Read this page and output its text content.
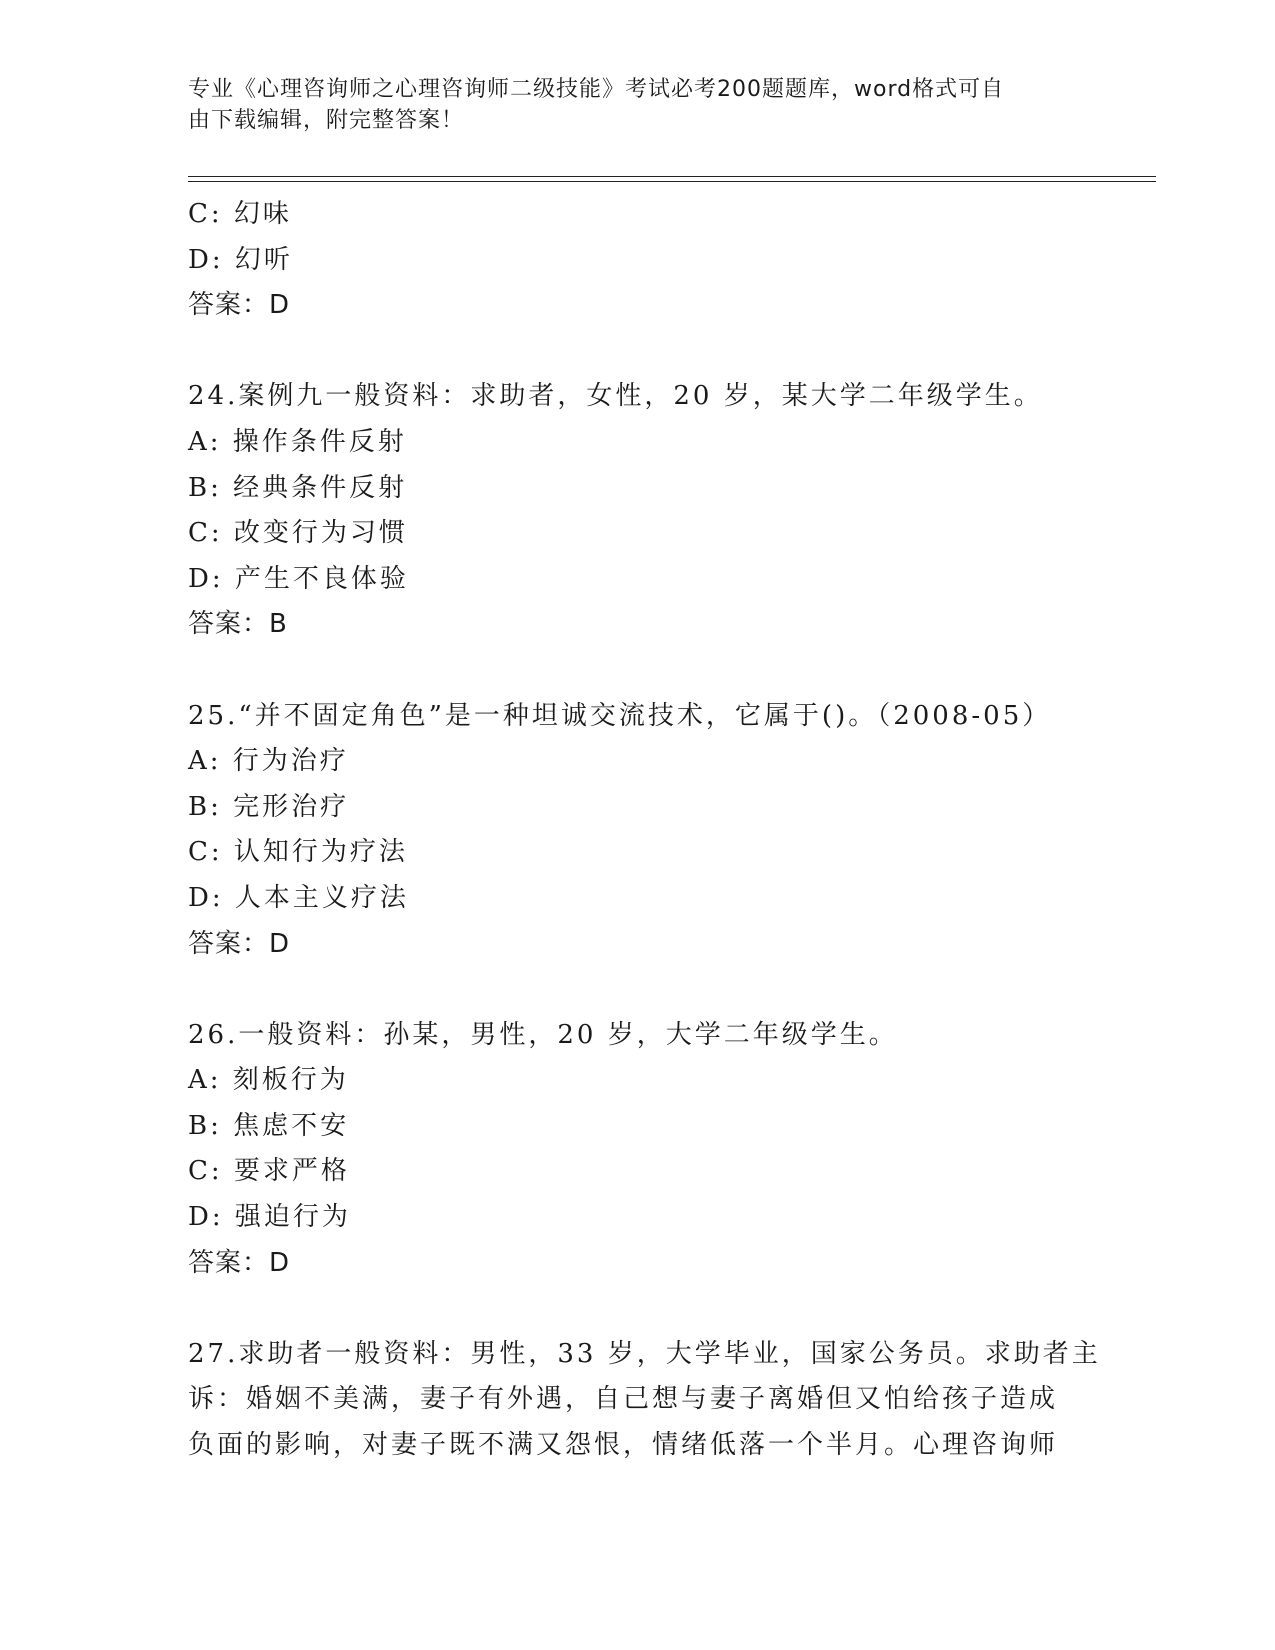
专业《心理咨询师之心理咨询师二级技能》考试必考200题题库，word格式可自
由下载编辑，附完整答案！
C: 幻味
D: 幻听
答案：D
24.案例九一般资料：求助者，女性，20 岁，某大学二年级学生。
A: 操作条件反射
B: 经典条件反射
C: 改变行为习惯
D: 产生不良体验
答案：B
25.“并不固定角色”是一种坦诚交流技术，它属于()。（2008-05）
A: 行为治疗
B: 完形治疗
C: 认知行为疗法
D: 人本主义疗法
答案：D
26.一般资料：孙某，男性，20 岁，大学二年级学生。
A: 刻板行为
B: 焦虑不安
C: 要求严格
D: 强迫行为
答案：D
27.求助者一般资料：男性，33 岁，大学毕业，国家公务员。求助者主
诉：婚姻不美满，妻子有外遇，自己想与妻子离婚但又怕给孩子造成
负面的影响，对妻子既不满又怨恨，情绪低落一个半月。心理咨询师
